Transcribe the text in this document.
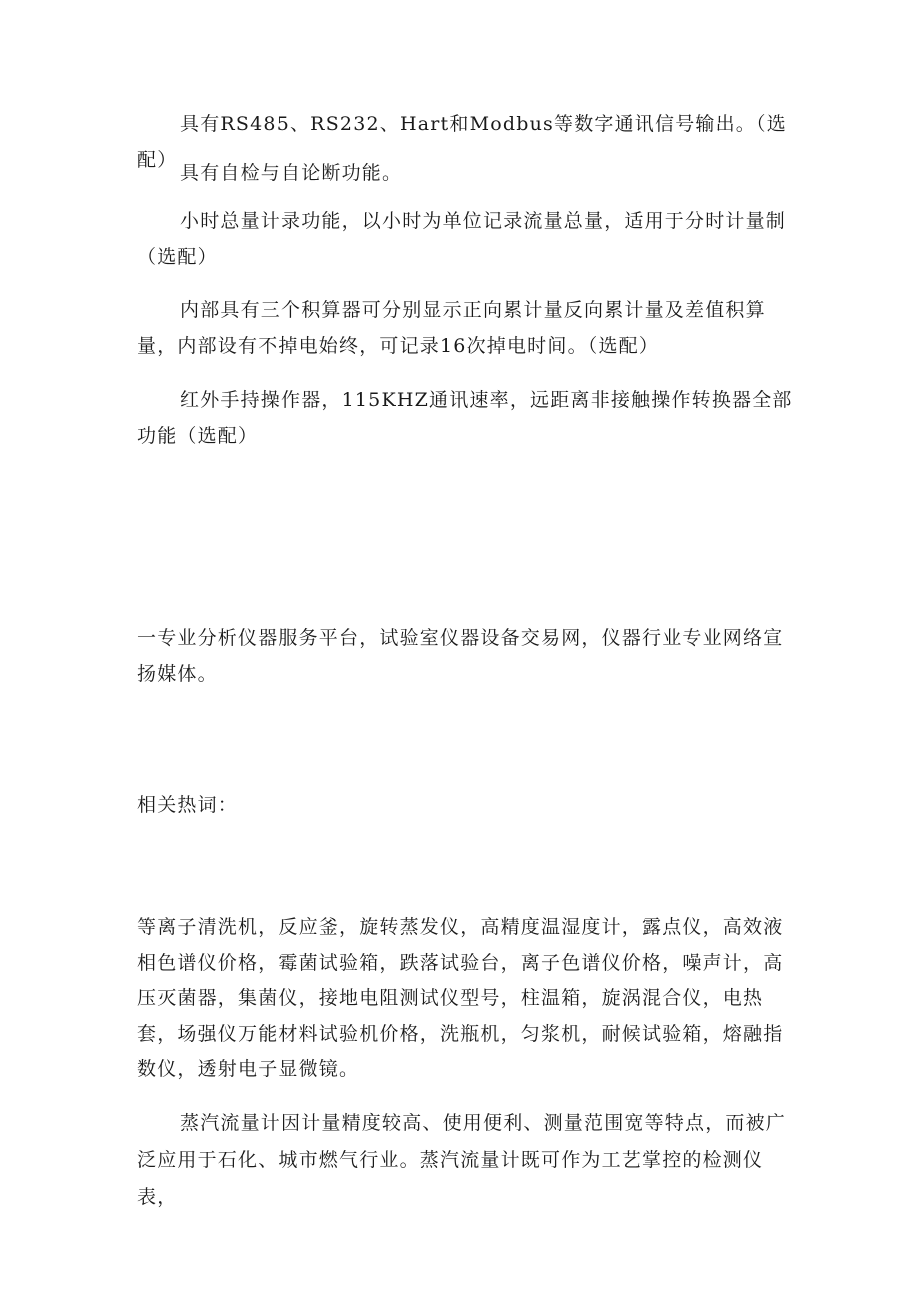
具有RS485、RS232、Hart和Modbus等数字通讯信号输出。（选配）

具有自检与自论断功能。

小时总量计录功能，以小时为单位记录流量总量，适用于分时计量制（选配）

内部具有三个积算器可分别显示正向累计量反向累计量及差值积算量，内部设有不掉电始终，可记录16次掉电时间。（选配）

红外手持操作器，115KHZ通讯速率，远距离非接触操作转换器全部功能（选配）

一专业分析仪器服务平台，试验室仪器设备交易网，仪器行业专业网络宣扬媒体。

相关热词：

等离子清洗机，反应釜，旋转蒸发仪，高精度温湿度计，露点仪，高效液相色谱仪价格，霉菌试验箱，跌落试验台，离子色谱仪价格，噪声计，高压灭菌器，集菌仪，接地电阻测试仪型号，柱温箱，旋涡混合仪，电热套，场强仪万能材料试验机价格，洗瓶机，匀浆机，耐候试验箱，熔融指数仪，透射电子显微镜。

蒸汽流量计因计量精度较高、使用便利、测量范围宽等特点，而被广泛应用于石化、城市燃气行业。蒸汽流量计既可作为工艺掌控的检测仪表，
